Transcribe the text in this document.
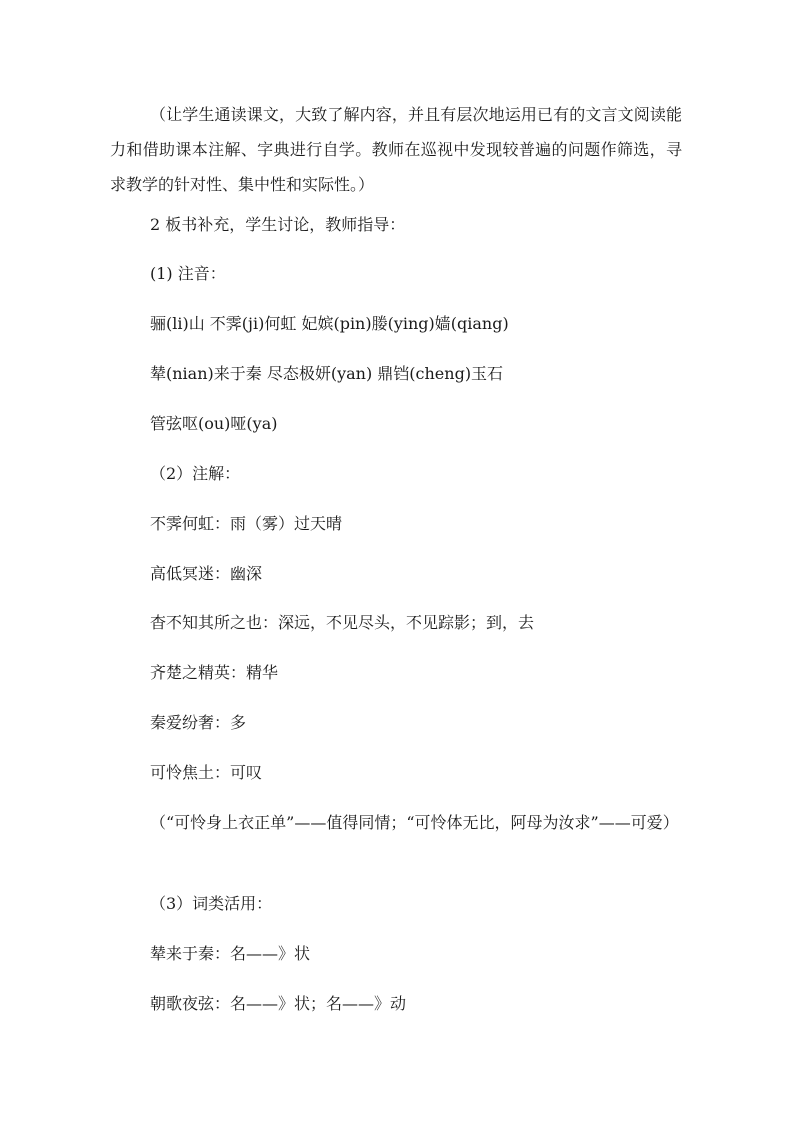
（让学生通读课文，大致了解内容，并且有层次地运用已有的文言文阅读能力和借助课本注解、字典进行自学。教师在巡视中发现较普遍的问题作筛选，寻求教学的针对性、集中性和实际性。）
2 板书补充，学生讨论，教师指导：
(1) 注音：
骊(li)山 不霁(ji)何虹 妃嫔(pin)媵(ying)嫱(qiang)
辇(nian)来于秦 尽态极妍(yan) 鼎铛(cheng)玉石
管弦呕(ou)哑(ya)
（2）注解：
不霁何虹：雨（雾）过天晴
高低冥迷：幽深
杳不知其所之也：深远，不见尽头，不见踪影；到，去
齐楚之精英：精华
秦爱纷奢：多
可怜焦土：可叹
（“可怜身上衣正单”——值得同情；“可怜体无比，阿母为汝求”——可爱）
（3）词类活用：
辇来于秦：名——》状
朝歌夜弦：名——》状；名——》动
